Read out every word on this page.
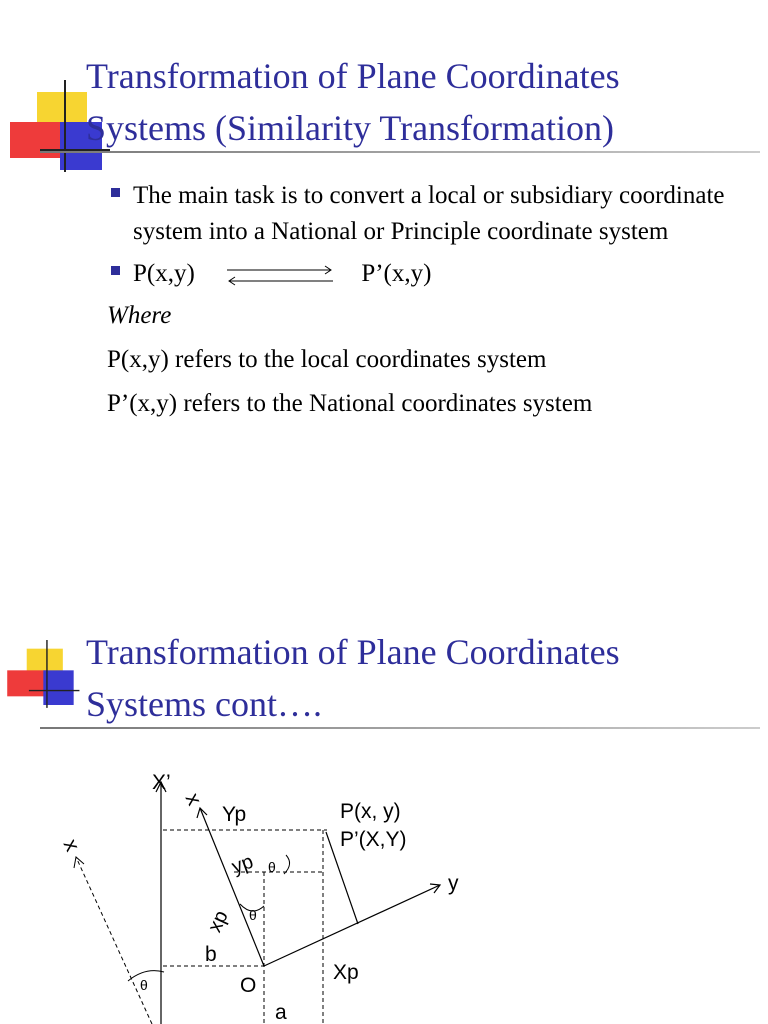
Transformation of Plane Coordinates
Systems (Similarity Transformation)
The main task is to convert a local or subsidiary coordinate system into a National or Principle coordinate system
P(x,y)	P’(x,y)
Where
P(x,y) refers to the local coordinates system
P’(x,y) refers to the National coordinates system
Transformation of Plane Coordinates
Systems cont….
X’
x
x
Yp	P(x, y)
P’(X,Y)
yp θ
y
xp θ
b
Xp
θ	O
a
